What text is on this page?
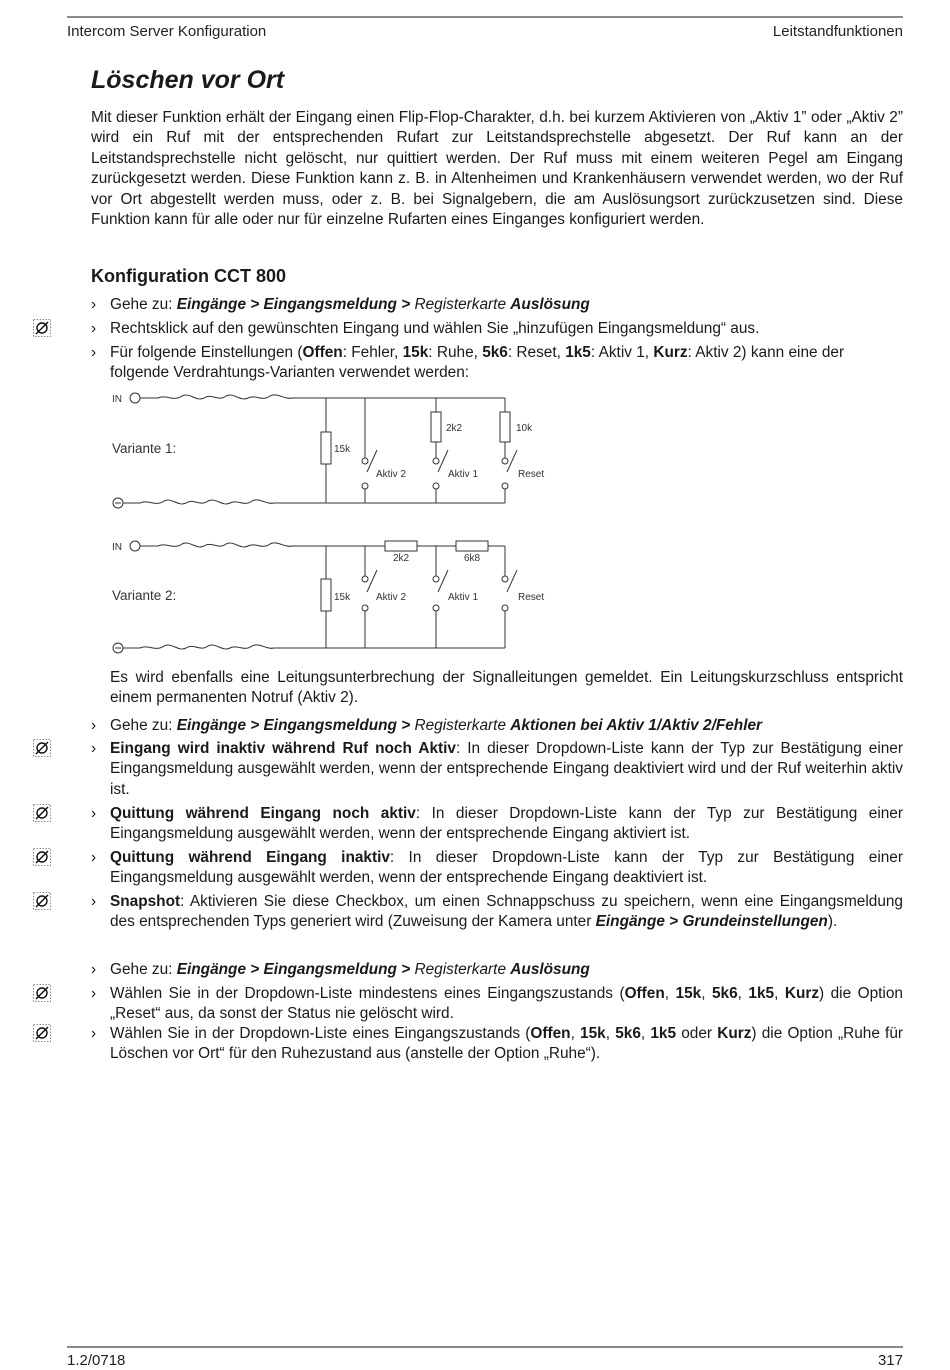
Intercom Server Konfiguration	Leitstandfunktionen
Löschen vor Ort

Mit dieser Funktion erhält der Eingang einen Flip-Flop-Charakter, d.h. bei kurzem Aktivieren von „Aktiv 1” oder „Aktiv 2” wird ein Ruf mit der entsprechenden Rufart zur Leitstandsprechstelle abgesetzt. Der Ruf kann an der Leitstandsprechstelle nicht gelöscht, nur quittiert werden. Der Ruf muss mit einem weiteren Pegel am Eingang zurückgesetzt werden. Diese Funktion kann z. B. in Altenheimen und Krankenhäusern verwendet werden, wo der Ruf vor Ort abgestellt werden muss, oder z. B. bei Signalgebern, die am Auslösungsort zurückzusetzen sind. Diese Funktion kann für alle oder nur für einzelne Rufarten eines Einganges konfiguriert werden.

Konfiguration CCT 800
› Gehe zu: Eingänge > Eingangsmeldung > Registerkarte Auslösung
› Rechtsklick auf den gewünschten Eingang und wählen Sie „hinzufügen Eingangsmeldung“ aus.
› Für folgende Einstellungen (Offen: Fehler, 15k: Ruhe, 5k6: Reset, 1k5: Aktiv 1, Kurz: Aktiv 2) kann eine der folgende Verdrahtungs-Varianten verwendet werden:
IN
IN
15k
2k2	10k
Aktiv 2	Aktiv 1	Reset
15k
2k2	6k8
Aktiv 2	Aktiv 1	Reset
Variante 1:
Variante 2:

Es wird ebenfalls eine Leitungsunterbrechung der Signalleitungen gemeldet. Ein Leitungskurzschluss entspricht einem permanenten Notruf (Aktiv 2).

› Gehe zu: Eingänge > Eingangsmeldung > Registerkarte Aktionen bei Aktiv 1/Aktiv 2/Fehler
› Eingang wird inaktiv während Ruf noch Aktiv: In dieser Dropdown-Liste kann der Typ zur Bestätigung einer Eingangsmeldung ausgewählt werden, wenn der entsprechende Eingang deaktiviert wird und der Ruf weiterhin aktiv ist.
› Quittung während Eingang noch aktiv: In dieser Dropdown-Liste kann der Typ zur Bestätigung einer Eingangsmeldung ausgewählt werden, wenn der entsprechende Eingang aktiviert ist.
› Quittung während Eingang inaktiv: In dieser Dropdown-Liste kann der Typ zur Bestätigung einer Eingangsmeldung ausgewählt werden, wenn der entsprechende Eingang deaktiviert ist.
› Snapshot: Aktivieren Sie diese Checkbox, um einen Schnappschuss zu speichern, wenn eine Eingangsmeldung des entsprechenden Typs generiert wird (Zuweisung der Kamera unter Eingänge > Grundeinstellungen).
› Gehe zu: Eingänge > Eingangsmeldung > Registerkarte Auslösung
› Wählen Sie in der Dropdown-Liste mindestens eines Eingangszustands (Offen, 15k, 5k6, 1k5, Kurz) die Option „Reset“ aus, da sonst der Status nie gelöscht wird.
› Wählen Sie in der Dropdown-Liste eines Eingangszustands (Offen, 15k, 5k6, 1k5 oder Kurz) die Option „Ruhe für Löschen vor Ort“ für den Ruhezustand aus (anstelle der Option „Ruhe“).
1.2/0718	317
